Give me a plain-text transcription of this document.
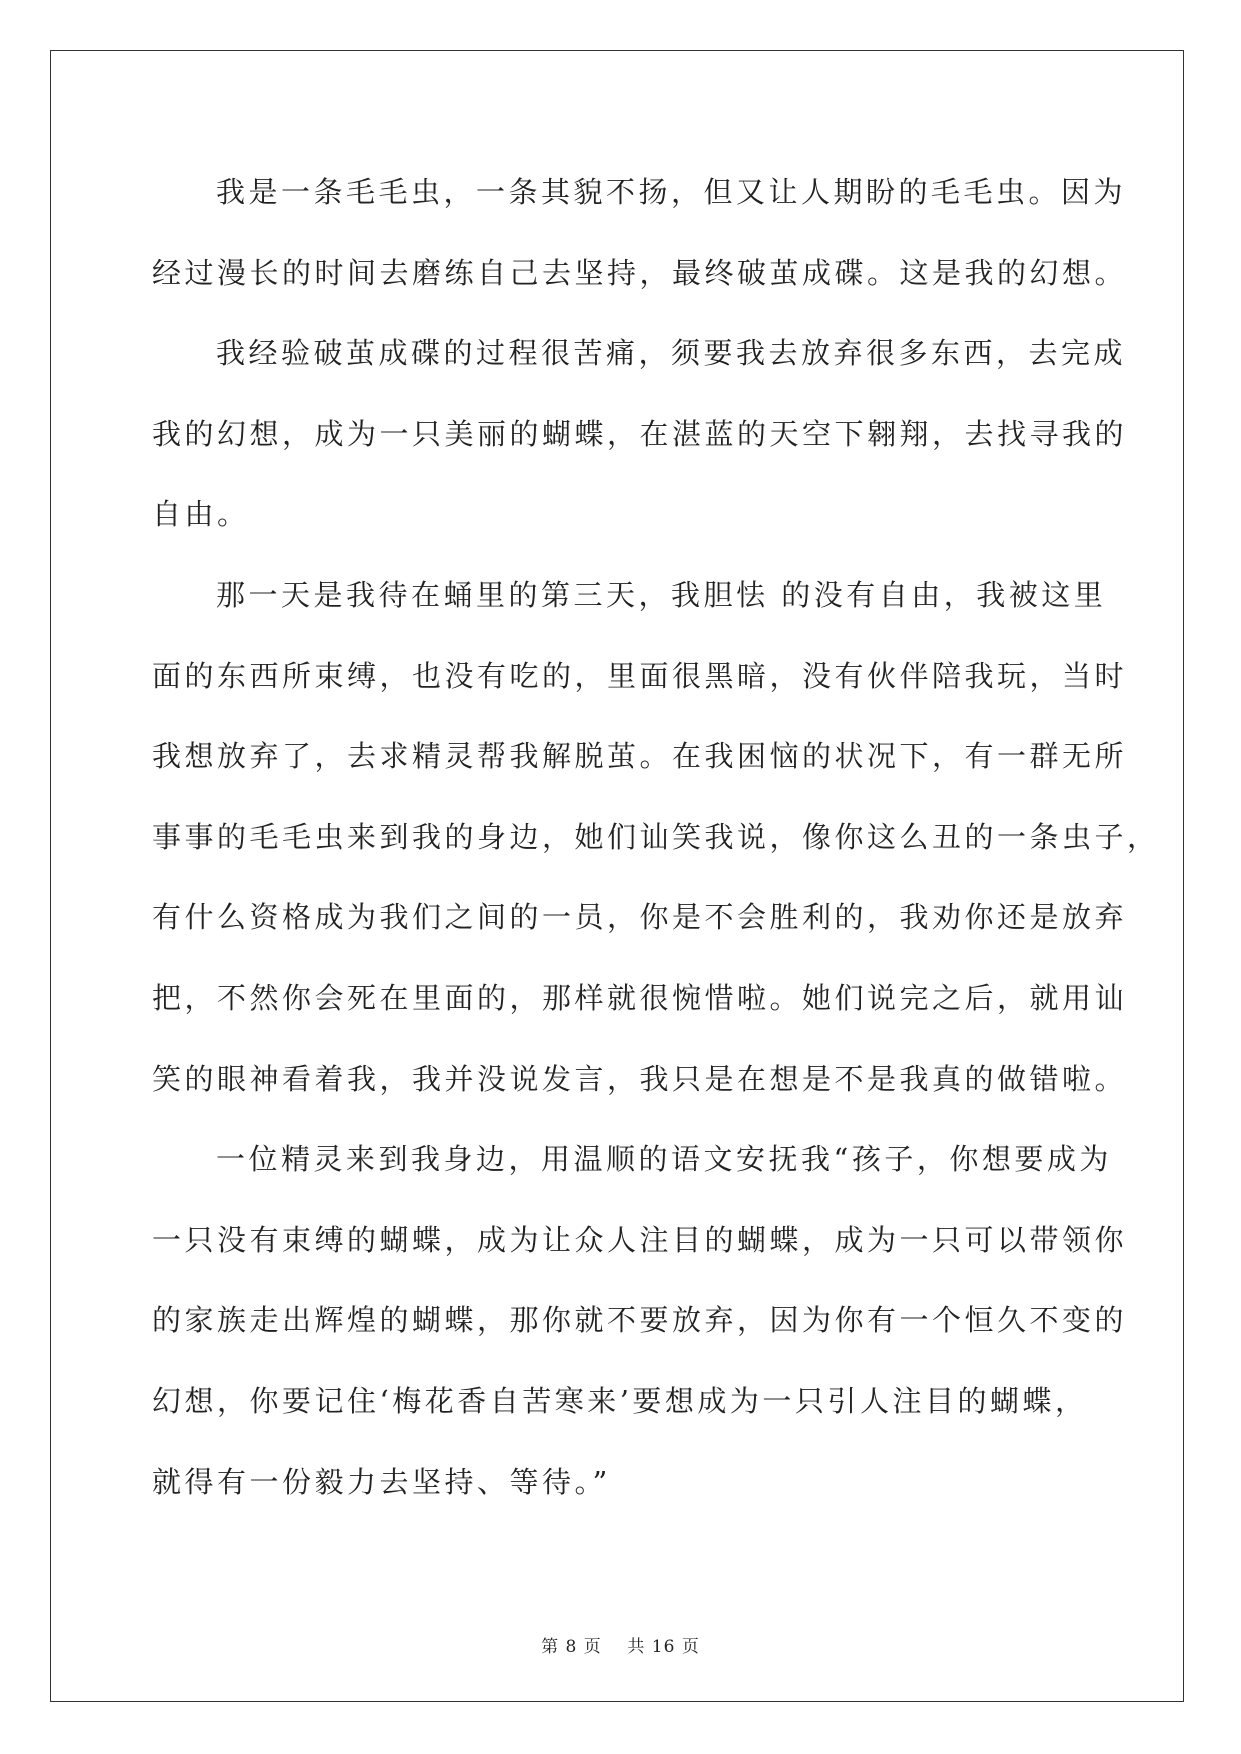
我是一条毛毛虫，一条其貌不扬，但又让人期盼的毛毛虫。因为
经过漫长的时间去磨练自己去坚持，最终破茧成碟。这是我的幻想。
我经验破茧成碟的过程很苦痛，须要我去放弃很多东西，去完成
我的幻想，成为一只美丽的蝴蝶，在湛蓝的天空下翱翔，去找寻我的
自由。
那一天是我待在蛹里的第三天，我胆怯 的没有自由，我被这里
面的东西所束缚，也没有吃的，里面很黑暗，没有伙伴陪我玩，当时
我想放弃了，去求精灵帮我解脱茧。在我困恼的状况下，有一群无所
事事的毛毛虫来到我的身边，她们讪笑我说，像你这么丑的一条虫子，
有什么资格成为我们之间的一员，你是不会胜利的，我劝你还是放弃
把，不然你会死在里面的，那样就很惋惜啦。她们说完之后，就用讪
笑的眼神看着我，我并没说发言，我只是在想是不是我真的做错啦。
一位精灵来到我身边，用温顺的语文安抚我“孩子，你想要成为
一只没有束缚的蝴蝶，成为让众人注目的蝴蝶，成为一只可以带领你
的家族走出辉煌的蝴蝶，那你就不要放弃，因为你有一个恒久不变的
幻想，你要记住‘梅花香自苦寒来’要想成为一只引人注目的蝴蝶，
就得有一份毅力去坚持、等待。”
第 8 页    共 16 页
